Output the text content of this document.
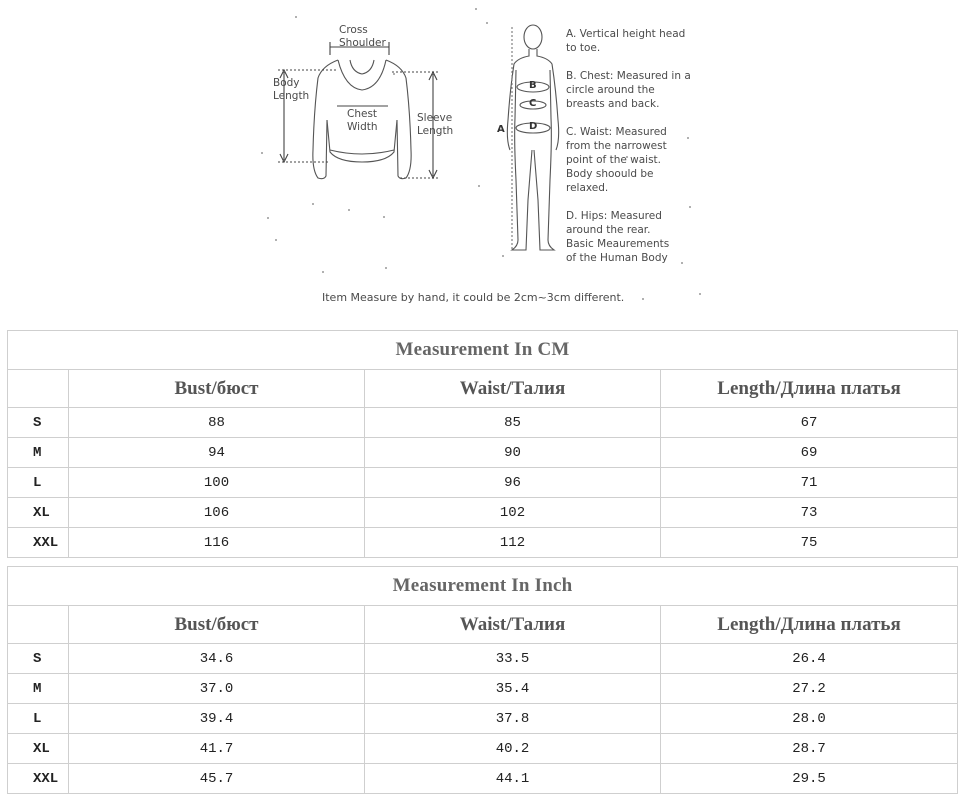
Cross
Shoulder
Body
Length
Chest
Width
Sleeve
Length	A
B
C
D
A. Vertical height head
to toe.
B. Chest: Measured in a
circle around the
breasts and back.
C. Waist: Measured
from the narrowest
point of the waist.
Body shoould be
relaxed.
D. Hips: Measured
around the rear.
Basic Meaurements
of the Human Body
Item Measure by hand, it could be 2cm~3cm different.
Measurement In CM			
	Bust/бюст	Waist/Талия	Length/Длина платья
S	88	85	67
M	94	90	69
L	100	96	71
XL	106	102	73
XXL	116	112	75
Measurement In Inch			
	Bust/бюст	Waist/Талия	Length/Длина платья
S	34.6	33.5	26.4
M	37.0	35.4	27.2
L	39.4	37.8	28.0
XL	41.7	40.2	28.7
XXL	45.7	44.1	29.5
